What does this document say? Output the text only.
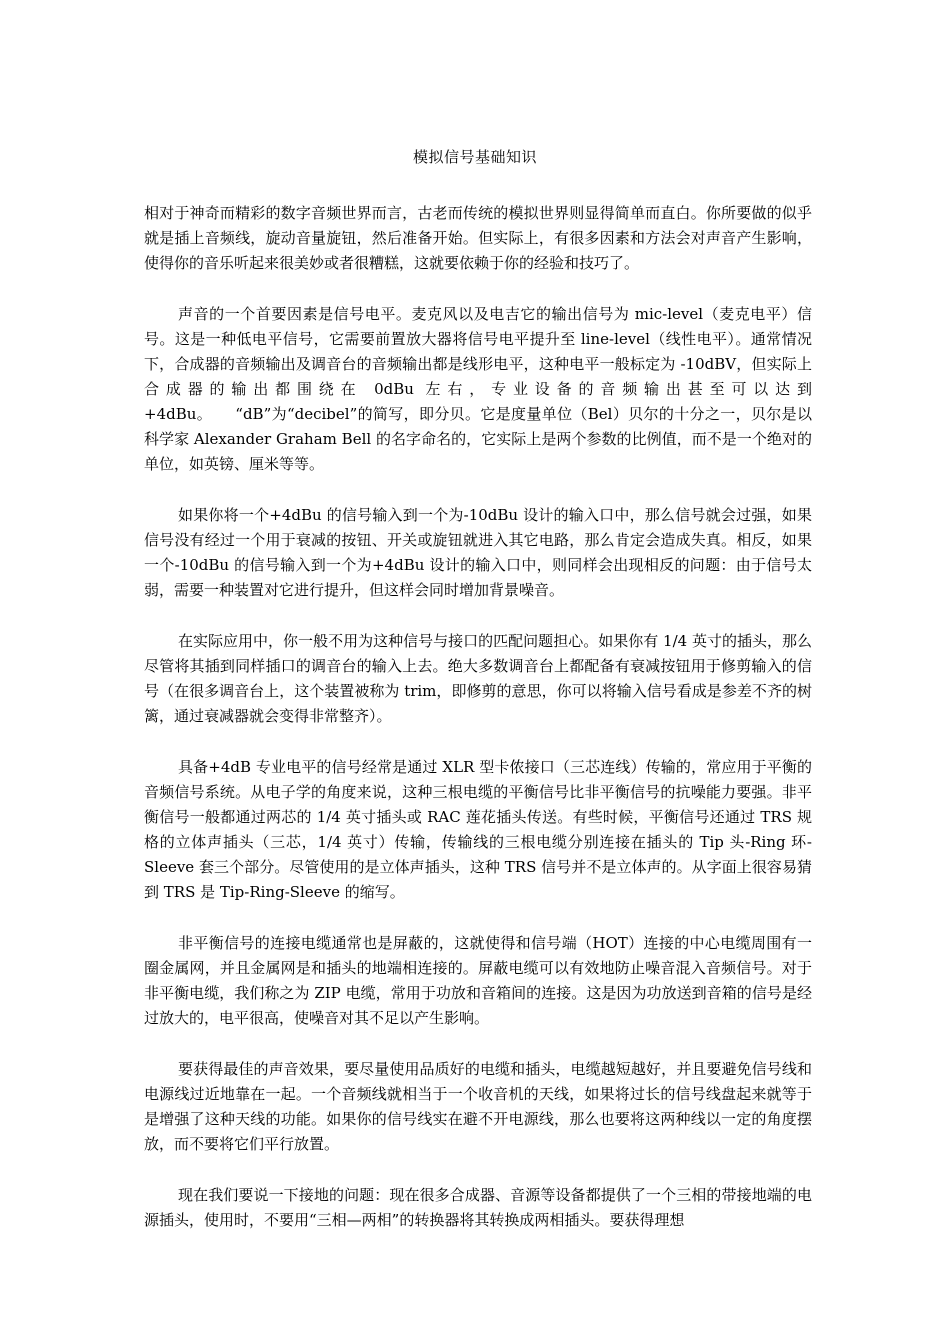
模拟信号基础知识

相对于神奇而精彩的数字音频世界而言，古老而传统的模拟世界则显得简单而直白。你所要做的似乎就是插上音频线，旋动音量旋钮，然后准备开始。但实际上，有很多因素和方法会对声音产生影响，使得你的音乐听起来很美妙或者很糟糕，这就要依赖于你的经验和技巧了。

声音的一个首要因素是信号电平。麦克风以及电吉它的输出信号为 mic-level（麦克电平）信号。这是一种低电平信号，它需要前置放大器将信号电平提升至 line-level（线性电平）。通常情况下，合成器的音频输出及调音台的音频输出都是线形电平，这种电平一般标定为 -10dBV，但实际上合成器的输出都围绕在 0dBu 左右，专业设备的音频输出甚至可以达到 +4dBu。　　“dB”为“decibel”的简写，即分贝。它是度量单位（Bel）贝尔的十分之一，贝尔是以科学家 Alexander Graham Bell 的名字命名的，它实际上是两个参数的比例值，而不是一个绝对的单位，如英镑、厘米等等。

如果你将一个+4dBu 的信号输入到一个为-10dBu 设计的输入口中，那么信号就会过强，如果信号没有经过一个用于衰减的按钮、开关或旋钮就进入其它电路，那么肯定会造成失真。相反，如果一个-10dBu 的信号输入到一个为+4dBu 设计的输入口中，则同样会出现相反的问题：由于信号太弱，需要一种装置对它进行提升，但这样会同时增加背景噪音。

在实际应用中，你一般不用为这种信号与接口的匹配问题担心。如果你有 1/4 英寸的插头，那么尽管将其插到同样插口的调音台的输入上去。绝大多数调音台上都配备有衰减按钮用于修剪输入的信号（在很多调音台上，这个装置被称为 trim，即修剪的意思，你可以将输入信号看成是参差不齐的树篱，通过衰减器就会变得非常整齐）。

具备+4dB 专业电平的信号经常是通过 XLR 型卡侬接口（三芯连线）传输的，常应用于平衡的音频信号系统。从电子学的角度来说，这种三根电缆的平衡信号比非平衡信号的抗噪能力要强。非平衡信号一般都通过两芯的 1/4 英寸插头或 RAC 莲花插头传送。有些时候，平衡信号还通过 TRS 规格的立体声插头（三芯，1/4 英寸）传输，传输线的三根电缆分别连接在插头的 Tip 头-Ring 环-Sleeve 套三个部分。尽管使用的是立体声插头，这种 TRS 信号并不是立体声的。从字面上很容易猜到 TRS 是 Tip-Ring-Sleeve 的缩写。

非平衡信号的连接电缆通常也是屏蔽的，这就使得和信号端（HOT）连接的中心电缆周围有一圈金属网，并且金属网是和插头的地端相连接的。屏蔽电缆可以有效地防止噪音混入音频信号。对于非平衡电缆，我们称之为 ZIP 电缆，常用于功放和音箱间的连接。这是因为功放送到音箱的信号是经过放大的，电平很高，使噪音对其不足以产生影响。

要获得最佳的声音效果，要尽量使用品质好的电缆和插头，电缆越短越好，并且要避免信号线和电源线过近地靠在一起。一个音频线就相当于一个收音机的天线，如果将过长的信号线盘起来就等于是增强了这种天线的功能。如果你的信号线实在避不开电源线，那么也要将这两种线以一定的角度摆放，而不要将它们平行放置。

现在我们要说一下接地的问题：现在很多合成器、音源等设备都提供了一个三相的带接地端的电源插头，使用时，不要用“三相—两相”的转换器将其转换成两相插头。要获得理想
